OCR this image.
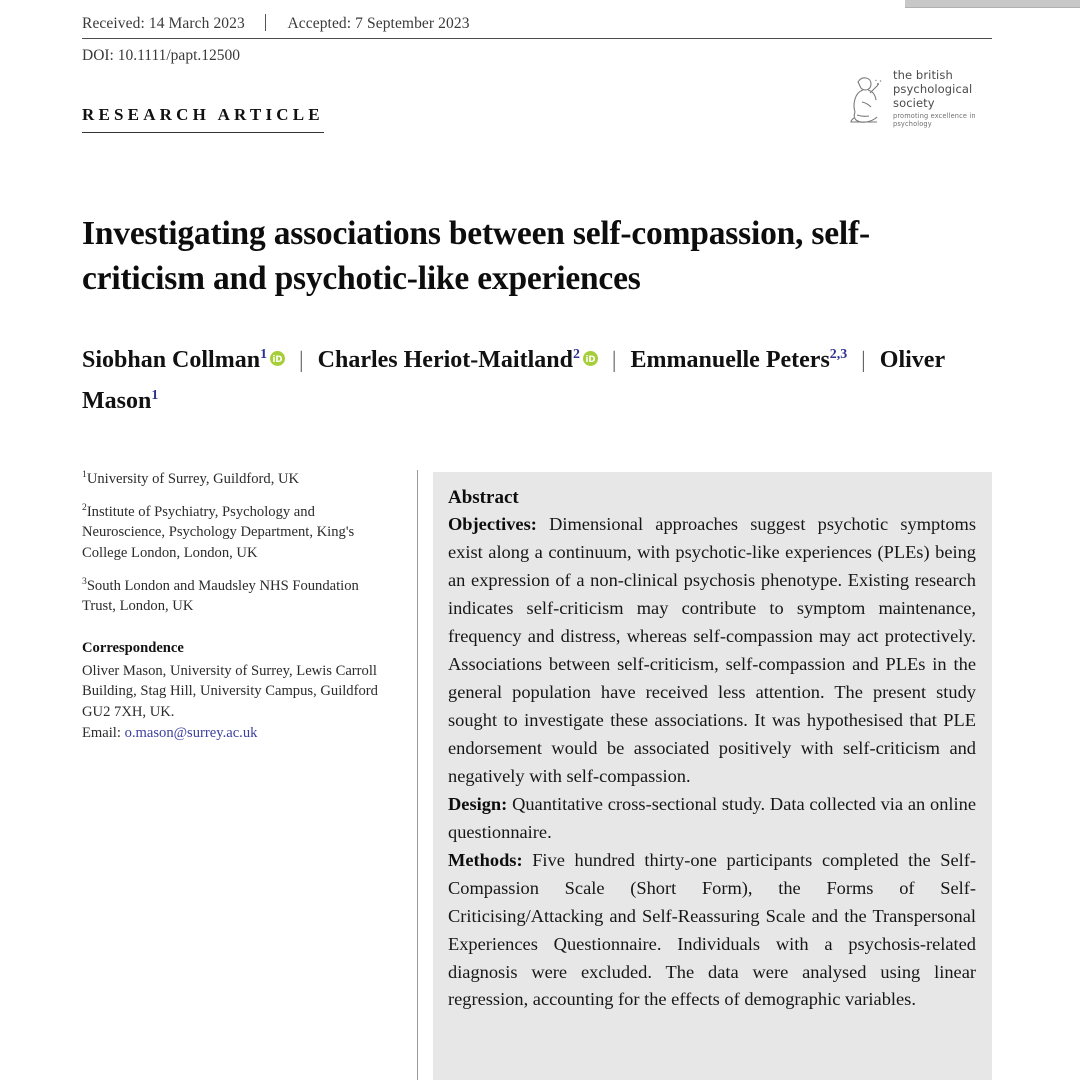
Received: 14 March 2023	Accepted: 7 September 2023
DOI: 10.1111/papt.12500
RESEARCH ARTICLE
the british
psychological society
promoting excellence in psychology
Investigating associations between self-compassion, self-criticism and psychotic-like experiences
Siobhan Collman$^1$ iD | Charles Heriot-Maitland$^2$ iD | Emmanuelle Peters$^{2,3}$ | Oliver Mason$^1$
$^1$University of Surrey, Guildford, UK
$^2$Institute of Psychiatry, Psychology and Neuroscience, Psychology Department, King's College London, London, UK
$^3$South London and Maudsley NHS Foundation Trust, London, UK
Correspondence
Oliver Mason, University of Surrey, Lewis Carroll Building, Stag Hill, University Campus, Guildford GU2 7XH, UK.
Email: o.mason@surrey.ac.uk
Abstract

Objectives: Dimensional approaches suggest psychotic symptoms exist along a continuum, with psychotic-like experiences (PLEs) being an expression of a non-clinical psychosis phenotype. Existing research indicates self-criticism may contribute to symptom maintenance, frequency and distress, whereas self-compassion may act protectively. Associations between self-criticism, self-compassion and PLEs in the general population have received less attention. The present study sought to investigate these associations. It was hypothesised that PLE endorsement would be associated positively with self-criticism and negatively with self-compassion.

Design: Quantitative cross-sectional study. Data collected via an online questionnaire.

Methods: Five hundred thirty-one participants completed the Self-Compassion Scale (Short Form), the Forms of Self-Criticising/Attacking and Self-Reassuring Scale and the Transpersonal Experiences Questionnaire. Individuals with a psychosis-related diagnosis were excluded. The data were analysed using linear regression, accounting for the effects of demographic variables.
